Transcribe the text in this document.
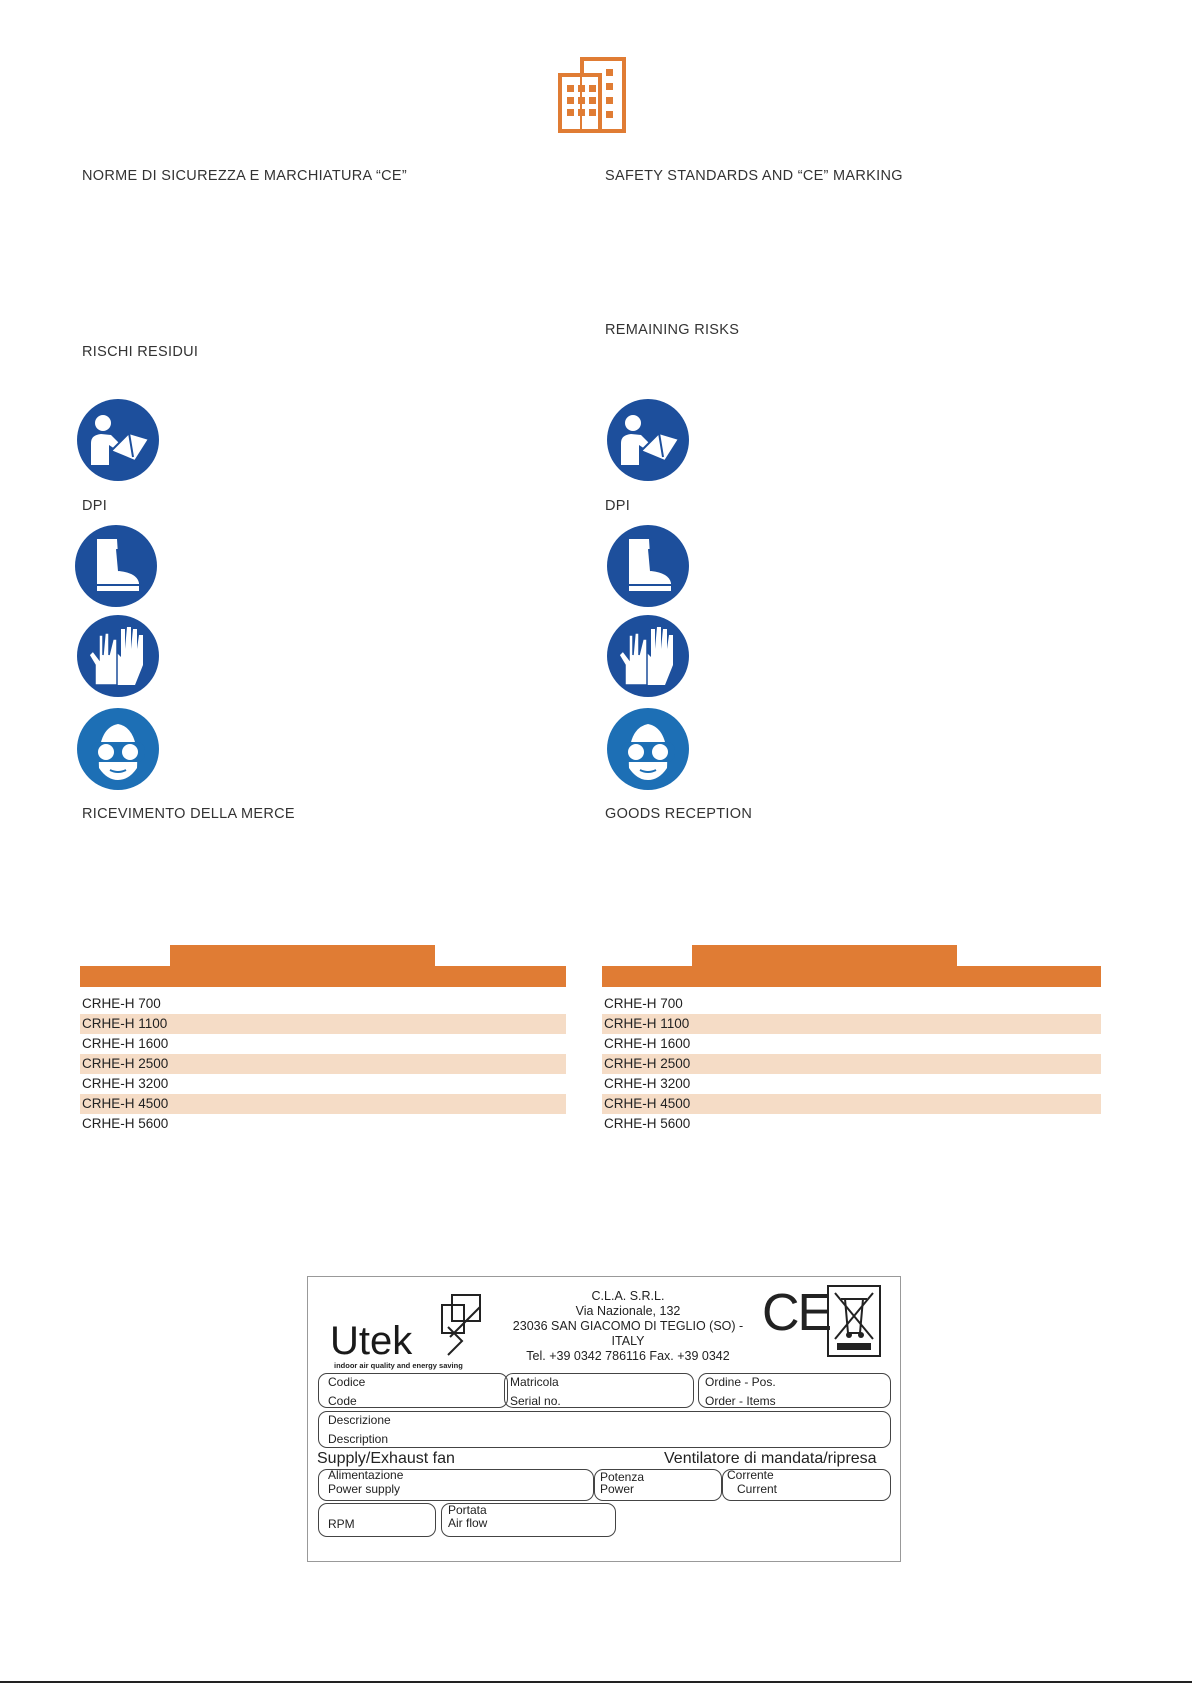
NORME DI SICUREZZA E MARCHIATURA “CE”
RISCHI RESIDUI
DPI
RICEVIMENTO DELLA MERCE
SAFETY STANDARDS AND “CE” MARKING
REMAINING RISKS
DPI
GOODS RECEPTION
CRHE-H 700
CRHE-H 1100
CRHE-H 1600
CRHE-H 2500
CRHE-H 3200
CRHE-H 4500
CRHE-H 5600
CRHE-H 700
CRHE-H 1100
CRHE-H 1600
CRHE-H 2500
CRHE-H 3200
CRHE-H 4500
CRHE-H 5600
Utek
indoor air quality and energy saving
C.L.A. S.R.L.
Via Nazionale, 132
23036 SAN GIACOMO DI TEGLIO (SO) -
ITALY
Tel. +39 0342 786116 Fax. +39 0342
CE
Codice
Code
Matricola
Serial no.
Ordine - Pos.
Order - Items
Descrizione
Description
Supply/Exhaust fan	Ventilatore di mandata/ripresa
Alimentazione
Power supply
Potenza
Power
Corrente
Current
RPM
Portata
Air flow
